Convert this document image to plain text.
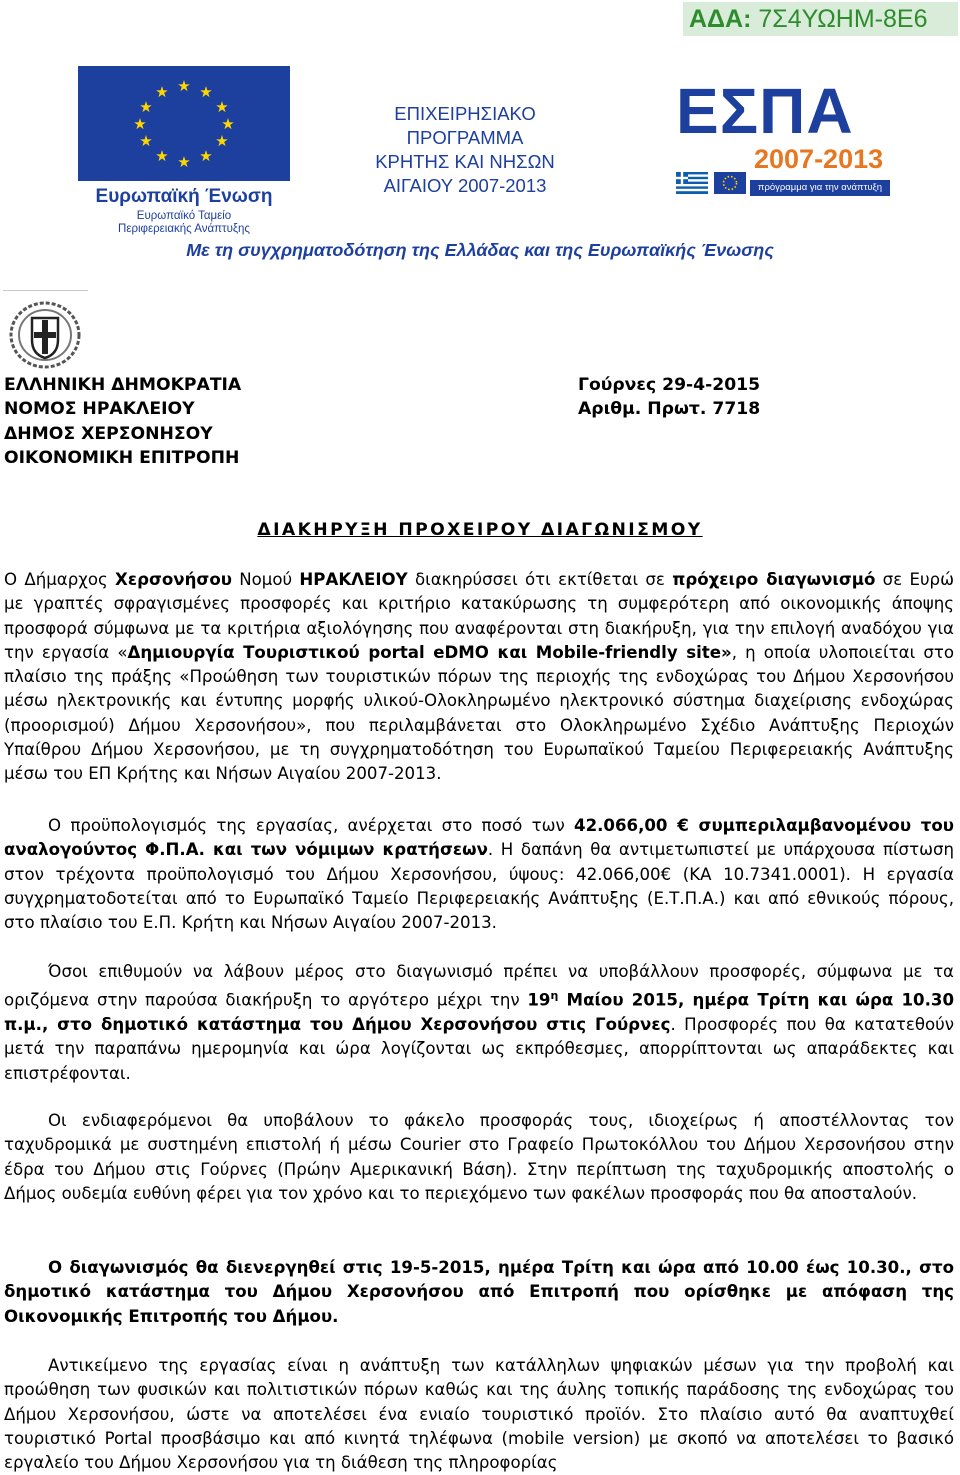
ΑΔΑ: 7Σ4ΥΩΗΜ-8Ε6
★ ★
★
★
★
★
★
★
★
★
★
★
Ευρωπαϊκή Ένωση
Ευρωπαϊκό Ταμείο
Περιφερειακής Ανάπτυξης
ΕΠΙΧΕΙΡΗΣΙΑΚΟ
ΠΡΟΓΡΑΜΜΑ
ΚΡΗΤΗΣ ΚΑΙ ΝΗΣΩΝ
ΑΙΓΑΙΟΥ 2007-2013
ΕΣΠΑ
2007-2013
πρόγραμμα για την ανάπτυξη
Με τη συγχρηματοδότηση της Ελλάδας και της Ευρωπαϊκής Ένωσης
ΕΛΛΗΝΙΚΗ ΔΗΜΟΚΡΑΤΙΑ
ΝΟΜΟΣ ΗΡΑΚΛΕΙΟΥ
ΔΗΜΟΣ ΧΕΡΣΟΝΗΣΟΥ
ΟΙΚΟΝΟΜΙΚΗ ΕΠΙΤΡΟΠΗ
Γούρνες 29-4-2015
Αριθμ. Πρωτ. 7718
ΔΙΑΚΗΡΥΞΗ ΠΡΟΧΕΙΡΟΥ ΔΙΑΓΩΝΙΣΜΟΥ

Ο Δήμαρχος Χερσονήσου Νομού ΗΡΑΚΛΕΙΟΥ διακηρύσσει ότι εκτίθεται σε πρόχειρο διαγωνισμό σε Ευρώ με γραπτές σφραγισμένες προσφορές και κριτήριο κατακύρωσης τη συμφερότερη από οικονομικής άποψης προσφορά σύμφωνα με τα κριτήρια αξιολόγησης που αναφέρονται στη διακήρυξη, για την επιλογή αναδόχου για την εργασία «Δημιουργία Τουριστικού portal eDMO και Mobile-friendly site», η οποία υλοποιείται στο πλαίσιο της πράξης «Προώθηση των τουριστικών πόρων της περιοχής της ενδοχώρας του Δήμου Χερσονήσου μέσω ηλεκτρονικής και έντυπης μορφής υλικού-Ολοκληρωμένο ηλεκτρονικό σύστημα διαχείρισης ενδοχώρας (προορισμού) Δήμου Χερσονήσου», που περιλαμβάνεται στο Ολοκληρωμένο Σχέδιο Ανάπτυξης Περιοχών Υπαίθρου Δήμου Χερσονήσου, με τη συγχρηματοδότηση του Ευρωπαϊκού Ταμείου Περιφερειακής Ανάπτυξης μέσω του ΕΠ Κρήτης και Νήσων Αιγαίου 2007-2013.

Ο προϋπολογισμός της εργασίας, ανέρχεται στο ποσό των 42.066,00 € συμπεριλαμβανομένου του αναλογούντος Φ.Π.Α. και των νόμιμων κρατήσεων. Η δαπάνη θα αντιμετωπιστεί με υπάρχουσα πίστωση στον τρέχοντα προϋπολογισμό του Δήμου Χερσονήσου, ύψους: 42.066,00€ (ΚΑ 10.7341.0001). Η εργασία συγχρηματοδοτείται από το Ευρωπαϊκό Ταμείο Περιφερειακής Ανάπτυξης (Ε.Τ.Π.Α.) και από εθνικούς πόρους, στο πλαίσιο του Ε.Π. Κρήτη και Νήσων Αιγαίου 2007-2013.

Όσοι επιθυμούν να λάβουν μέρος στο διαγωνισμό πρέπει να υποβάλλουν προσφορές, σύμφωνα με τα οριζόμενα στην παρούσα διακήρυξη το αργότερο μέχρι την $19^\eta$ Μαίου 2015, ημέρα Τρίτη και ώρα 10.30 π.μ., στο δημοτικό κατάστημα του Δήμου Χερσονήσου στις Γούρνες. Προσφορές που θα κατατεθούν μετά την παραπάνω ημερομηνία και ώρα λογίζονται ως εκπρόθεσμες, απορρίπτονται ως απαράδεκτες και επιστρέφονται.

Οι ενδιαφερόμενοι θα υποβάλουν το φάκελο προσφοράς τους, ιδιοχείρως ή αποστέλλοντας τον ταχυδρομικά με συστημένη επιστολή ή μέσω Courier στο Γραφείο Πρωτοκόλλου του Δήμου Χερσονήσου στην έδρα του Δήμου στις Γούρνες (Πρώην Αμερικανική Βάση). Στην περίπτωση της ταχυδρομικής αποστολής ο Δήμος ουδεμία ευθύνη φέρει για τον χρόνο και το περιεχόμενο των φακέλων προσφοράς που θα αποσταλούν.

Ο διαγωνισμός θα διενεργηθεί στις 19-5-2015, ημέρα Τρίτη και ώρα από 10.00 έως 10.30., στο δημοτικό κατάστημα του Δήμου Χερσονήσου από Επιτροπή που ορίσθηκε με απόφαση της Οικονομικής Επιτροπής του Δήμου.

Αντικείμενο της εργασίας είναι η ανάπτυξη των κατάλληλων ψηφιακών μέσων για την προβολή και προώθηση των φυσικών και πολιτιστικών πόρων καθώς και της άυλης τοπικής παράδοσης της ενδοχώρας του Δήμου Χερσονήσου, ώστε να αποτελέσει ένα ενιαίο τουριστικό προϊόν. Στο πλαίσιο αυτό θα αναπτυχθεί τουριστικό Portal προσβάσιμο και από κινητά τηλέφωνα (mobile version) με σκοπό να αποτελέσει το βασικό εργαλείο του Δήμου Χερσονήσου για τη διάθεση της πληροφορίας
